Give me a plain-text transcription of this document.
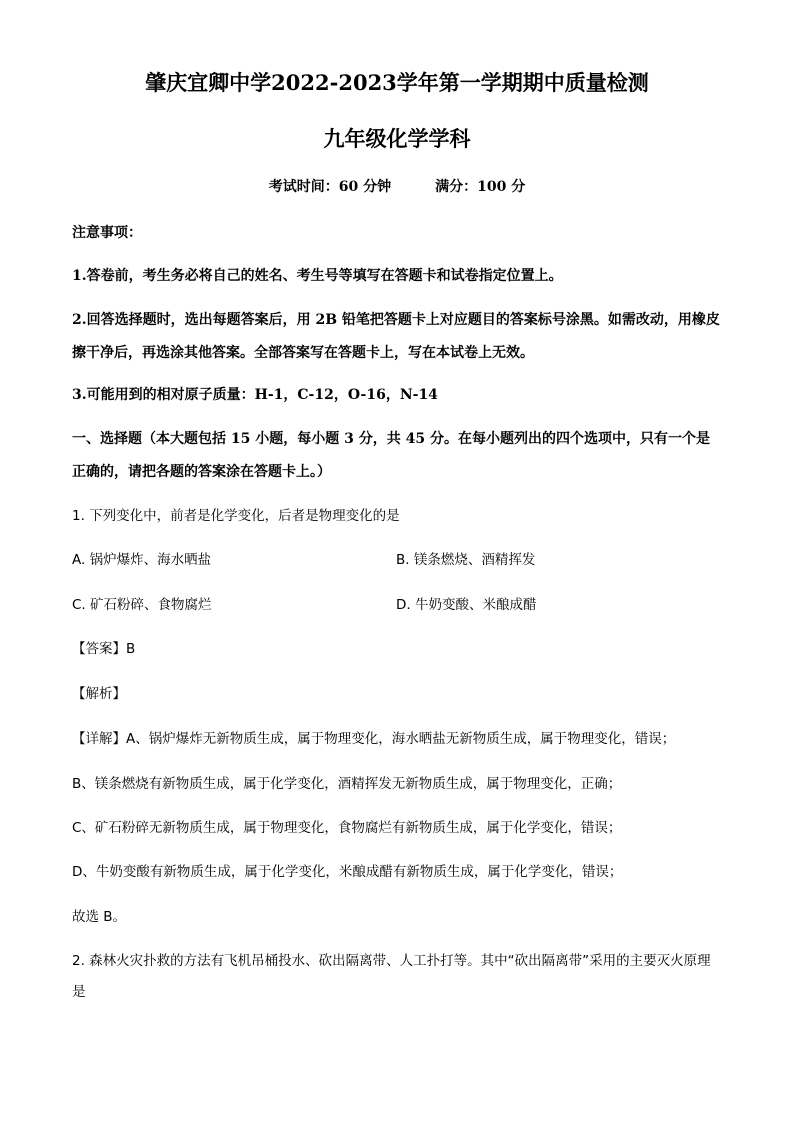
肇庆宜卿中学2022-2023学年第一学期期中质量检测
九年级化学学科
考试时间：60 分钟	满分：100 分
注意事项：
1.答卷前，考生务必将自己的姓名、考生号等填写在答题卡和试卷指定位置上。
2.回答选择题时，选出每题答案后，用 2B 铅笔把答题卡上对应题目的答案标号涂黑。如需改动，用橡皮擦干净后，再选涂其他答案。全部答案写在答题卡上，写在本试卷上无效。
3.可能用到的相对原子质量：H-1，C-12，O-16，N-14
一、选择题（本大题包括 15 小题，每小题 3 分，共 45 分。在每小题列出的四个选项中，只有一个是正确的，请把各题的答案涂在答题卡上。）
1. 下列变化中，前者是化学变化，后者是物理变化的是
A. 锅炉爆炸、海水晒盐	B. 镁条燃烧、酒精挥发
C. 矿石粉碎、食物腐烂	D. 牛奶变酸、米酿成醋
【答案】B
【解析】
【详解】A、锅炉爆炸无新物质生成，属于物理变化，海水晒盐无新物质生成，属于物理变化，错误；
B、镁条燃烧有新物质生成，属于化学变化，酒精挥发无新物质生成，属于物理变化，正确；
C、矿石粉碎无新物质生成，属于物理变化，食物腐烂有新物质生成，属于化学变化，错误；
D、牛奶变酸有新物质生成，属于化学变化，米酿成醋有新物质生成，属于化学变化，错误；
故选 B。
2. 森林火灾扑救的方法有飞机吊桶投水、砍出隔离带、人工扑打等。其中“砍出隔离带”采用的主要灭火原理是
